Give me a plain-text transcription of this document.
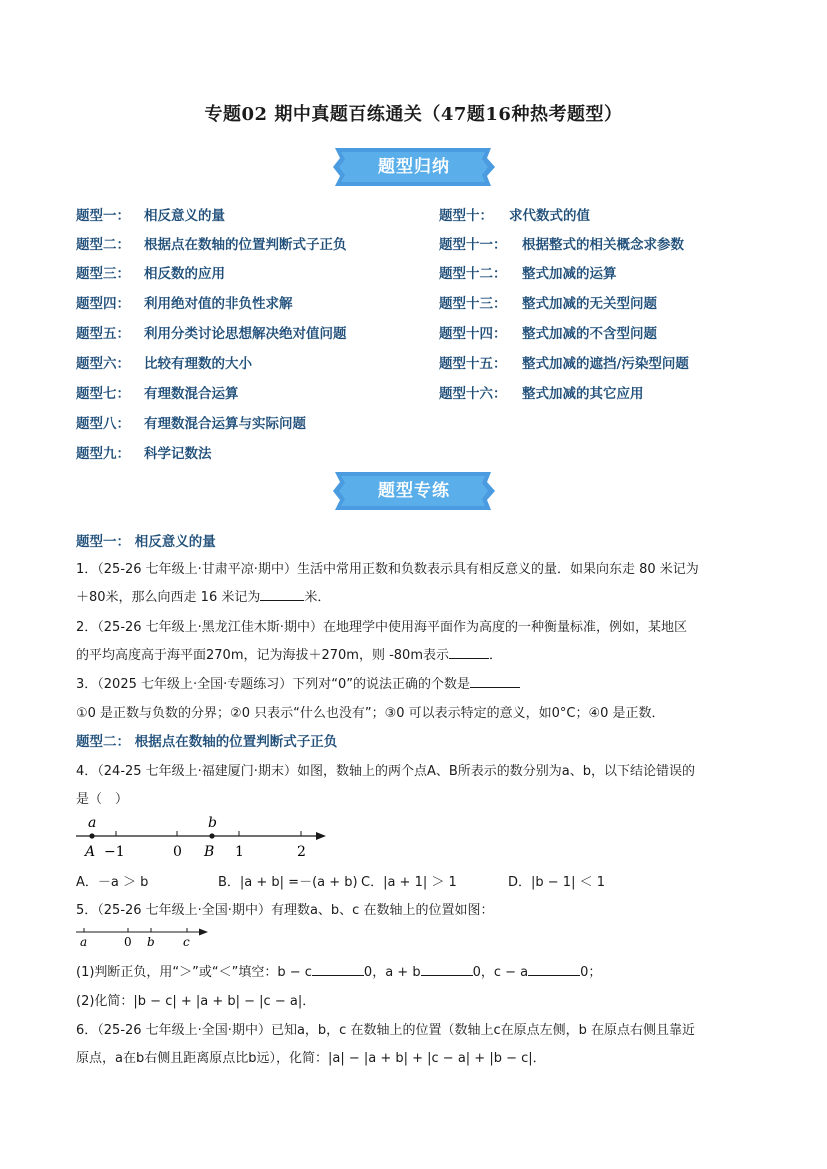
专题02 期中真题百练通关（47题16种热考题型）
题型归纳
题型一： 相反意义的量
题型二： 根据点在数轴的位置判断式子正负
题型三： 相反数的应用
题型四： 利用绝对值的非负性求解
题型五： 利用分类讨论思想解决绝对值问题
题型六： 比较有理数的大小
题型七： 有理数混合运算
题型八： 有理数混合运算与实际问题
题型九： 科学记数法
题型十： 求代数式的值
题型十一： 根据整式的相关概念求参数
题型十二： 整式加减的运算
题型十三： 整式加减的无关型问题
题型十四： 整式加减的不含型问题
题型十五： 整式加减的遮挡/污染型问题
题型十六： 整式加减的其它应用
题型专练
题型一： 相反意义的量
1．（25-26 七年级上·甘肃平凉·期中）生活中常用正数和负数表示具有相反意义的量．如果向东走 80 米记为
＋80米，那么向西走 16 米记为	米．
2．（25-26 七年级上·黑龙江佳木斯·期中）在地理学中使用海平面作为高度的一种衡量标准，例如，某地区
的平均高度高于海平面270m，记为海拔＋270m，则 -80m表示	．
3．（2025 七年级上·全国·专题练习）下列对“0”的说法正确的个数是
①0 是正数与负数的分界；②0 只表示“什么也没有”；③0 可以表示特定的意义，如0°C；④0 是正数．
题型二： 根据点在数轴的位置判断式子正负
4．（24-25 七年级上·福建厦门·期末）如图，数轴上的两个点A、B所表示的数分别为a、b，以下结论错误的
是（　）
a	b
A	B
−1	0	1	2
A．－a ＞ b	B．|a + b| =－(a + b) C．|a + 1| ＞ 1	D．|b − 1| ＜ 1
5．（25-26 七年级上·全国·期中）有理数a、b、c 在数轴上的位置如图：
a	0 b c
(1)判断正负，用“＞”或“＜”填空：b − c	0，a + b	0，c − a	0；
(2)化简：|b − c| + |a + b| − |c − a|．
6．（25-26 七年级上·全国·期中）已知a，b，c 在数轴上的位置（数轴上c在原点左侧，b 在原点右侧且靠近
原点，a在b右侧且距离原点比b远），化简：|a| − |a + b| + |c − a| + |b − c|．
